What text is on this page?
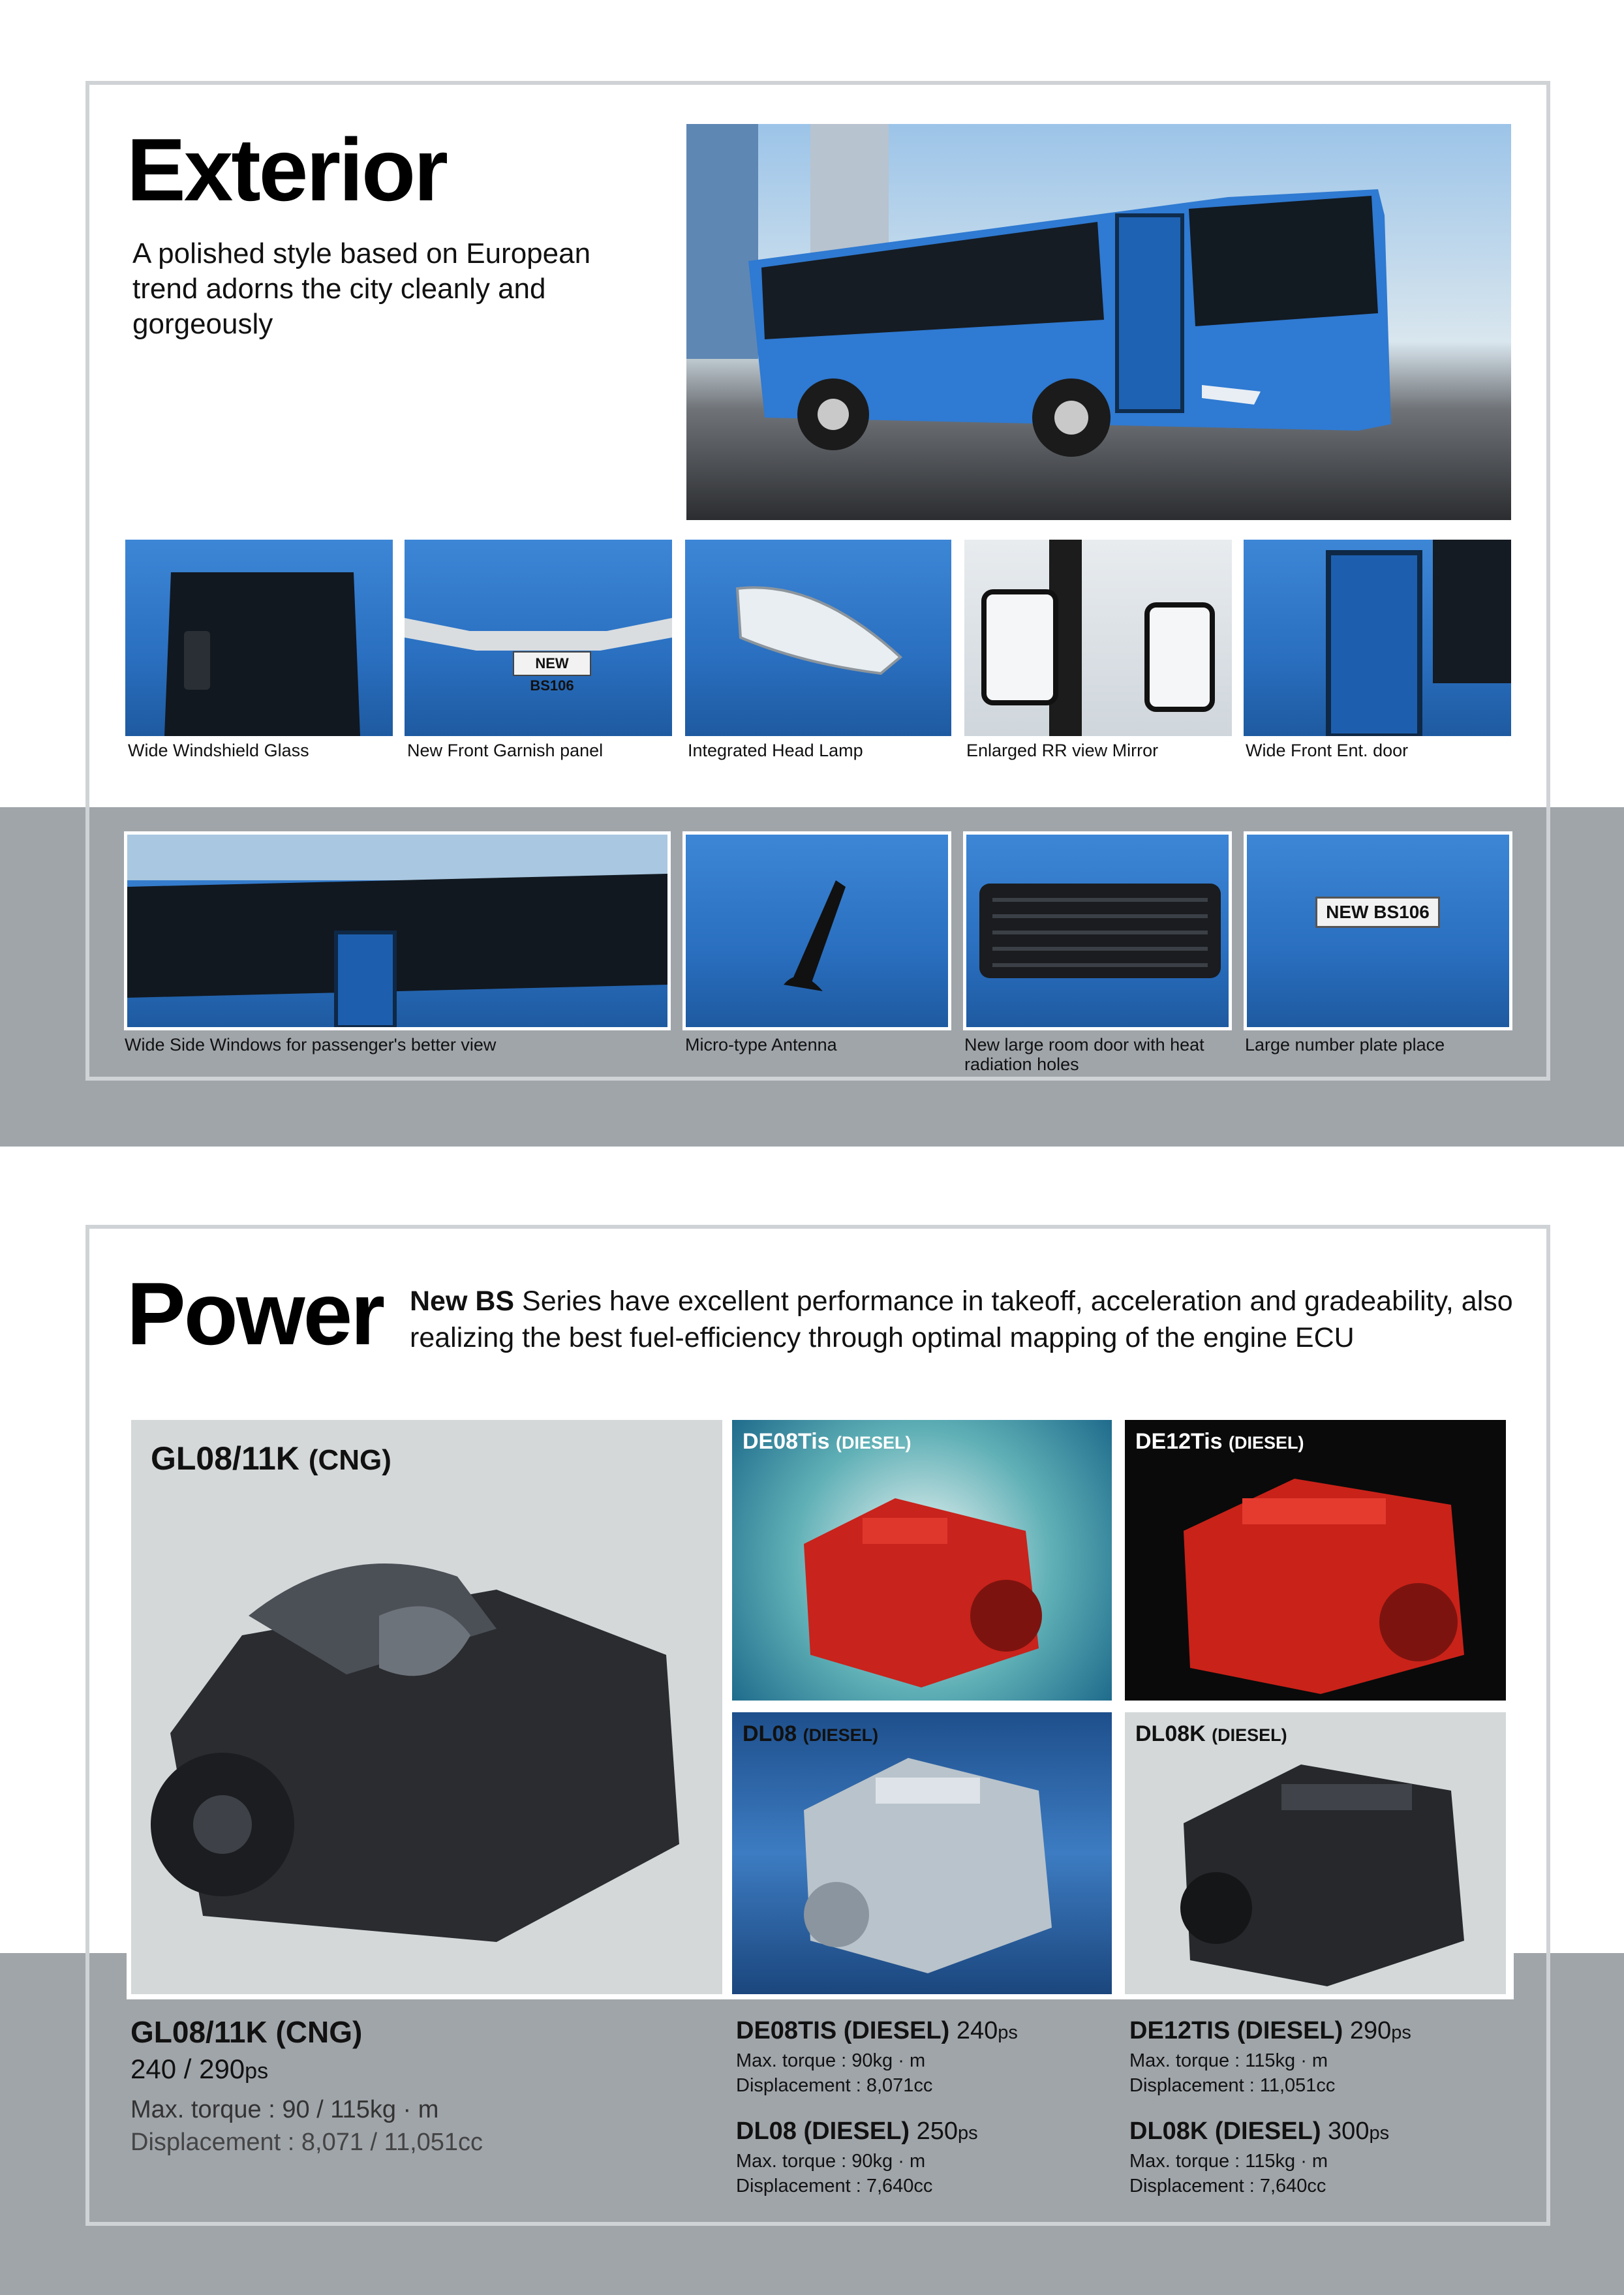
Exterior
A polished style based on European trend adorns the city cleanly and gorgeously
NEW BS106
Wide Windshield Glass	New Front Garnish panel	Integrated Head Lamp	Enlarged RR view Mirror	Wide Front Ent. door
NEW BS106
Wide Side Windows for passenger's better view	Micro-type Antenna	New large room door with heat radiation holes
Large number plate place
Power New BS Series have excellent performance in takeoff, acceleration and gradeability, also realizing the best fuel-efficiency through optimal mapping of the engine ECU
GL08/11K (CNG)
DE08Tis (DIESEL)	DE12Tis (DIESEL)
DL08 (DIESEL)	DL08K (DIESEL)
GL08/11K (CNG)
240 / 290ps
Max. torque : 90 / 115kg · m
Displacement : 8,071 / 11,051cc
DE08TIS (DIESEL) 240ps
Max. torque : 90kg · m
Displacement : 8,071cc
DL08 (DIESEL) 250ps
Max. torque : 90kg · m
Displacement : 7,640cc
DE12TIS (DIESEL) 290ps
Max. torque : 115kg · m
Displacement : 11,051cc
DL08K (DIESEL) 300ps
Max. torque : 115kg · m
Displacement : 7,640cc
